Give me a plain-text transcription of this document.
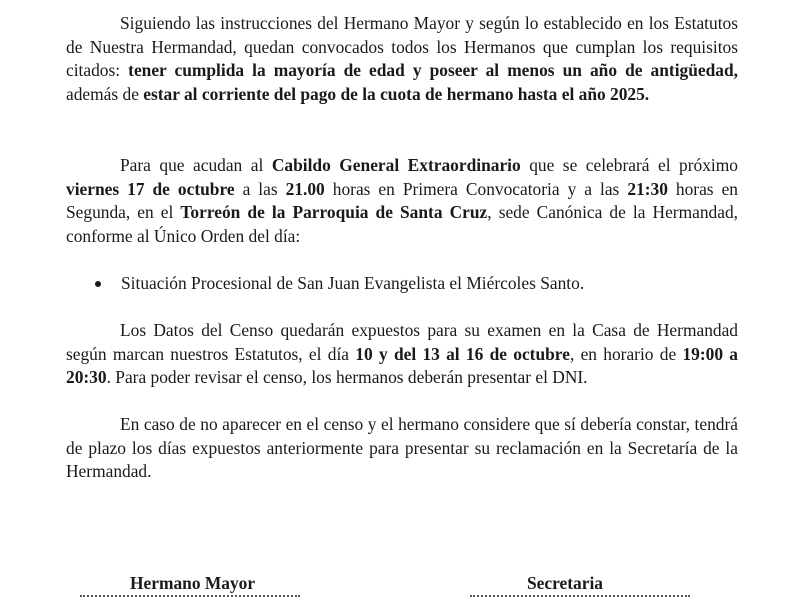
Siguiendo las instrucciones del Hermano Mayor y según lo establecido en los Estatutos de Nuestra Hermandad, quedan convocados todos los Hermanos que cumplan los requisitos citados: tener cumplida la mayoría de edad y poseer al menos un año de antigüedad, además de estar al corriente del pago de la cuota de hermano hasta el año 2025.

Para que acudan al Cabildo General Extraordinario que se celebrará el próximo viernes 17 de octubre a las 21.00 horas en Primera Convocatoria y a las 21:30 horas en Segunda, en el Torreón de la Parroquia de Santa Cruz, sede Canónica de la Hermandad, conforme al Único Orden del día:

Situación Procesional de San Juan Evangelista el Miércoles Santo.

Los Datos del Censo quedarán expuestos para su examen en la Casa de Hermandad según marcan nuestros Estatutos, el día 10 y del 13 al 16 de octubre, en horario de 19:00 a 20:30. Para poder revisar el censo, los hermanos deberán presentar el DNI.

En caso de no aparecer en el censo y el hermano considere que sí debería constar, tendrá de plazo los días expuestos anteriormente para presentar su reclamación en la Secretaría de la Hermandad.

Hermano Mayor	Secretaria
